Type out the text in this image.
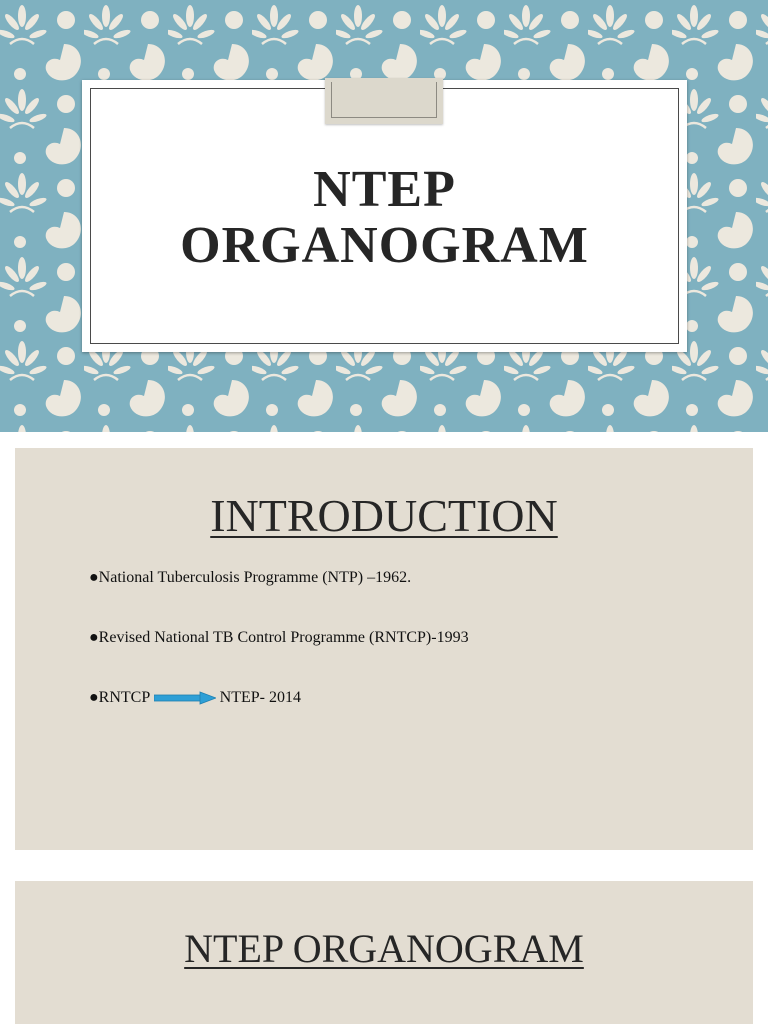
NTEP
ORGANOGRAM
INTRODUCTION
●National Tuberculosis Programme (NTP) –1962.
●Revised National TB Control Programme (RNTCP)-1993
●RNTCP	NTEP- 2014
NTEP ORGANOGRAM
